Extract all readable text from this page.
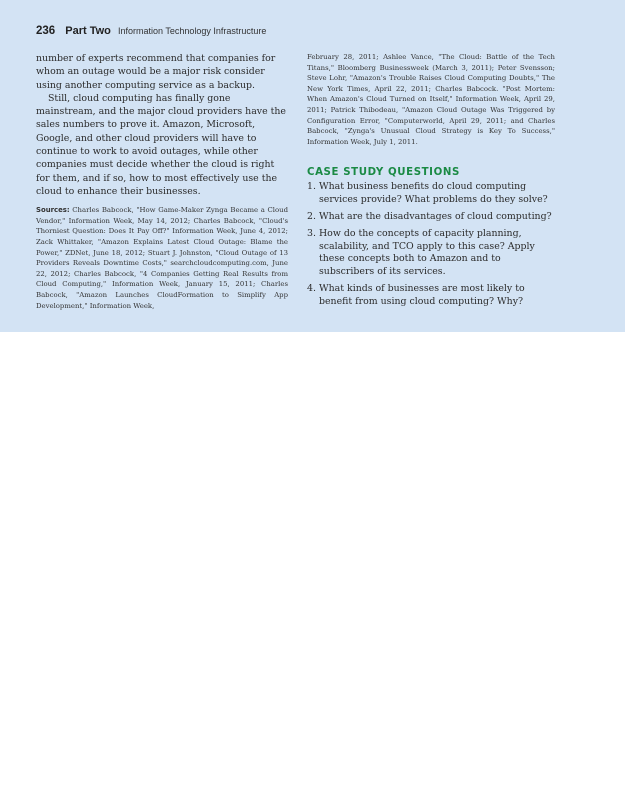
236 Part Two Information Technology Infrastructure

number of experts recommend that companies for whom an outage would be a major risk consider using another computing service as a backup.

Still, cloud computing has finally gone mainstream, and the major cloud providers have the sales numbers to prove it. Amazon, Microsoft, Google, and other cloud providers will have to continue to work to avoid outages, while other companies must decide whether the cloud is right for them, and if so, how to most effectively use the cloud to enhance their businesses.

Sources: Charles Babcock, "How Game-Maker Zynga Became a Cloud Vendor," Information Week, May 14, 2012; Charles Babcock, "Cloud's Thorniest Question: Does It Pay Off?" Information Week, June 4, 2012; Zack Whittaker, "Amazon Explains Latest Cloud Outage: Blame the Power," ZDNet, June 18, 2012; Stuart J. Johnston, "Cloud Outage of 13 Providers Reveals Downtime Costs," searchcloudcomputing.com, June 22, 2012; Charles Babcock, "4 Companies Getting Real Results from Cloud Computing," Information Week, January 15, 2011; Charles Babcock, "Amazon Launches CloudFormation to Simplify App Development," Information Week,

February 28, 2011; Ashlee Vance, "The Cloud: Battle of the Tech Titans," Bloomberg Businessweek (March 3, 2011); Peter Svensson; Steve Lohr, "Amazon's Trouble Raises Cloud Computing Doubts," The New York Times, April 22, 2011; Charles Babcock. "Post Mortem: When Amazon's Cloud Turned on Itself," Information Week, April 29, 2011; Patrick Thibodeau, "Amazon Cloud Outage Was Triggered by Configuration Error, "Computerworld, April 29, 2011; and Charles Babcock, "Zynga's Unusual Cloud Strategy is Key To Success," Information Week, July 1, 2011.

CASE STUDY QUESTIONS

1. What business benefits do cloud computing services provide? What problems do they solve?
2. What are the disadvantages of cloud computing?
3. How do the concepts of capacity planning, scalability, and TCO apply to this case? Apply these concepts both to Amazon and to subscribers of its services.
4. What kinds of businesses are most likely to benefit from using cloud computing? Why?
